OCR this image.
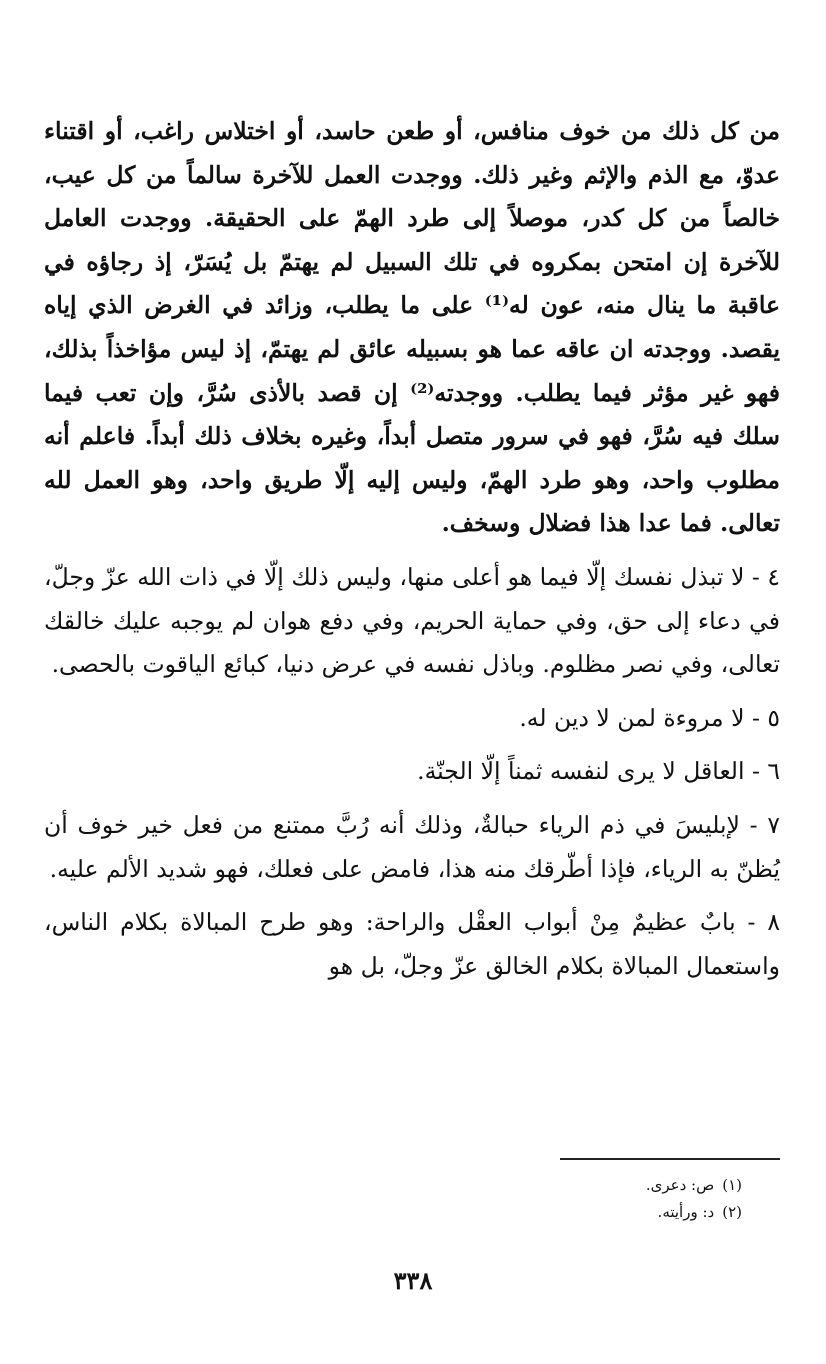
من كل ذلك من خوف منافس، أو طعن حاسد، أو اختلاس راغب، أو اقتناء عدوّ، مع الذم والإثم وغير ذلك. ووجدت العمل للآخرة سالماً من كل عيب، خالصاً من كل كدر، موصلاً إلى طرد الهمّ على الحقيقة. ووجدت العامل للآخرة إن امتحن بمكروه في تلك السبيل لم يهتمّ بل يُسَرّ، إذ رجاؤه في عاقبة ما ينال منه، عون له⁽¹⁾ على ما يطلب، وزائد في الغرض الذي إياه يقصد. ووجدته ان عاقه عما هو بسبيله عائق لم يهتمّ، إذ ليس مؤاخذاً بذلك، فهو غير مؤثر فيما يطلب. ووجدته⁽²⁾ إن قصد بالأذى سُرَّ، وإن تعب فيما سلك فيه سُرَّ، فهو في سرور متصل أبداً، وغيره بخلاف ذلك أبداً. فاعلم أنه مطلوب واحد، وهو طرد الهمّ، وليس إليه إلّا طريق واحد، وهو العمل لله تعالى. فما عدا هذا فضلال وسخف.

٤ - لا تبذل نفسك إلّا فيما هو أعلى منها، وليس ذلك إلّا في ذات الله عزّ وجلّ، في دعاء إلى حق، وفي حماية الحريم، وفي دفع هوان لم يوجبه عليك خالقك تعالى، وفي نصر مظلوم. وباذل نفسه في عرض دنيا، كبائع الياقوت بالحصى.

٥ - لا مروءة لمن لا دين له.

٦ - العاقل لا يرى لنفسه ثمناً إلّا الجنّة.

٧ - لإبليسَ في ذم الرياء حبالةٌ، وذلك أنه رُبَّ ممتنع من فعل خير خوف أن يُظنّ به الرياء، فإذا أطّرقك منه هذا، فامض على فعلك، فهو شديد الألم عليه.

٨ - بابٌ عظيمٌ مِنْ أبواب العقْل والراحة: وهو طرح المبالاة بكلام الناس، واستعمال المبالاة بكلام الخالق عزّ وجلّ، بل هو

(١)ص: دعرى.

(٢)د: ورأيته.

٣٣٨
